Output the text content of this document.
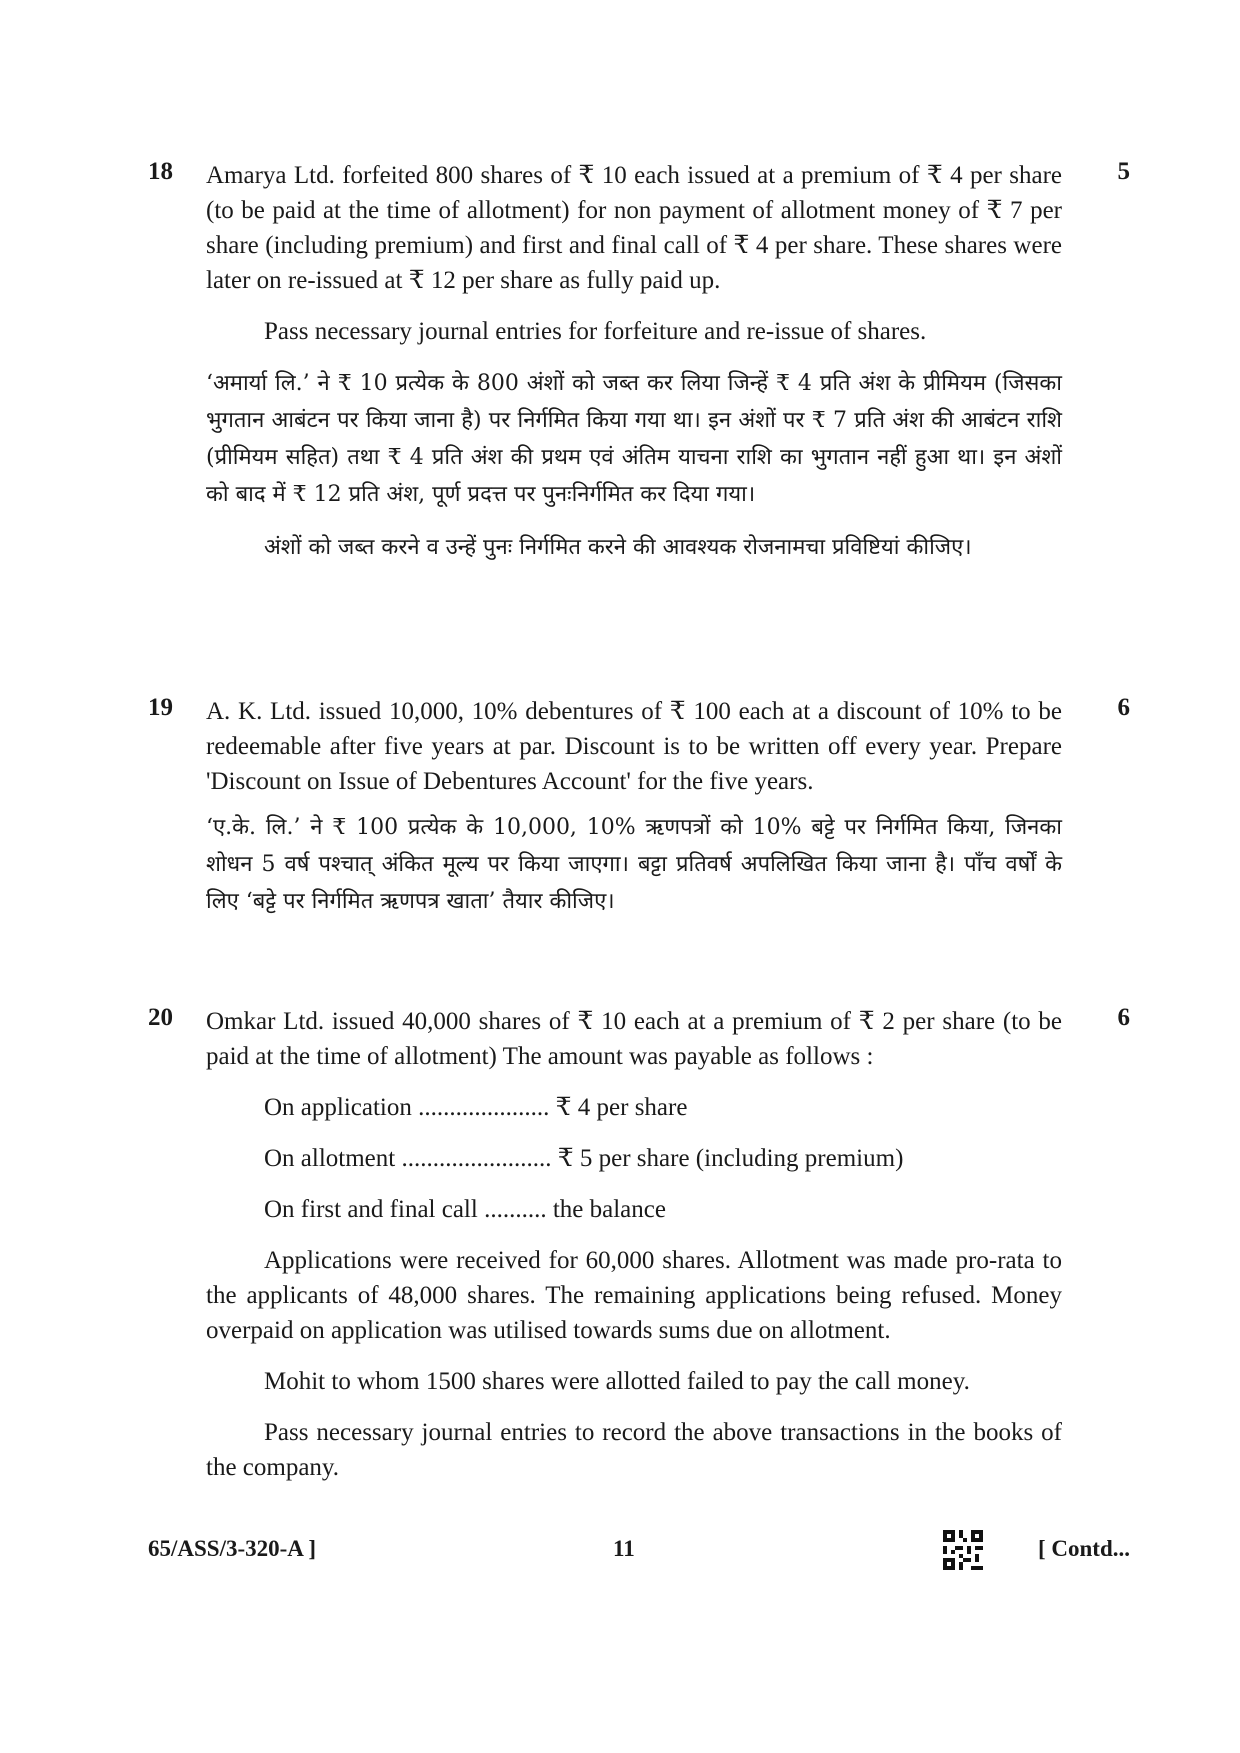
18	5

Amarya Ltd. forfeited 800 shares of ₹ 10 each issued at a premium of ₹ 4 per share (to be paid at the time of allotment) for non payment of allotment money of ₹ 7 per share (including premium) and first and final call of ₹ 4 per share. These shares were later on re-issued at ₹ 12 per share as fully paid up.

Pass necessary journal entries for forfeiture and re-issue of shares.

‘अमार्या लि.’ ने ₹ 10 प्रत्येक के 800 अंशों को जब्त कर लिया जिन्हें ₹ 4 प्रति अंश के प्रीमियम (जिसका भुगतान आबंटन पर किया जाना है) पर निर्गमित किया गया था। इन अंशों पर ₹ 7 प्रति अंश की आबंटन राशि (प्रीमियम सहित) तथा ₹ 4 प्रति अंश की प्रथम एवं अंतिम याचना राशि का भुगतान नहीं हुआ था। इन अंशों को बाद में ₹ 12 प्रति अंश, पूर्ण प्रदत्त पर पुनःनिर्गमित कर दिया गया।

अंशों को जब्त करने व उन्हें पुनः निर्गमित करने की आवश्यक रोजनामचा प्रविष्टियां कीजिए।

19	6

A. K. Ltd. issued 10,000, 10% debentures of ₹ 100 each at a discount of 10% to be redeemable after five years at par. Discount is to be written off every year. Prepare 'Discount on Issue of Debentures Account' for the five years.

‘ए.के. लि.’ ने ₹ 100 प्रत्येक के 10,000, 10% ऋणपत्रों को 10% बट्टे पर निर्गमित किया, जिनका शोधन 5 वर्ष पश्चात् अंकित मूल्य पर किया जाएगा। बट्टा प्रतिवर्ष अपलिखित किया जाना है। पाँच वर्षों के लिए ‘बट्टे पर निर्गमित ऋणपत्र खाता’ तैयार कीजिए।

20	6

Omkar Ltd. issued 40,000 shares of ₹ 10 each at a premium of ₹ 2 per share (to be paid at the time of allotment) The amount was payable as follows :

On application ..................... ₹ 4 per share

On allotment ........................ ₹ 5 per share (including premium)

On first and final call .......... the balance

Applications were received for 60,000 shares. Allotment was made pro-rata to the applicants of 48,000 shares. The remaining applications being refused. Money overpaid on application was utilised towards sums due on allotment.

Mohit to whom 1500 shares were allotted failed to pay the call money.

Pass necessary journal entries to record the above transactions in the books of the company.

65/ASS/3-320-A ]	11	[ Contd...
